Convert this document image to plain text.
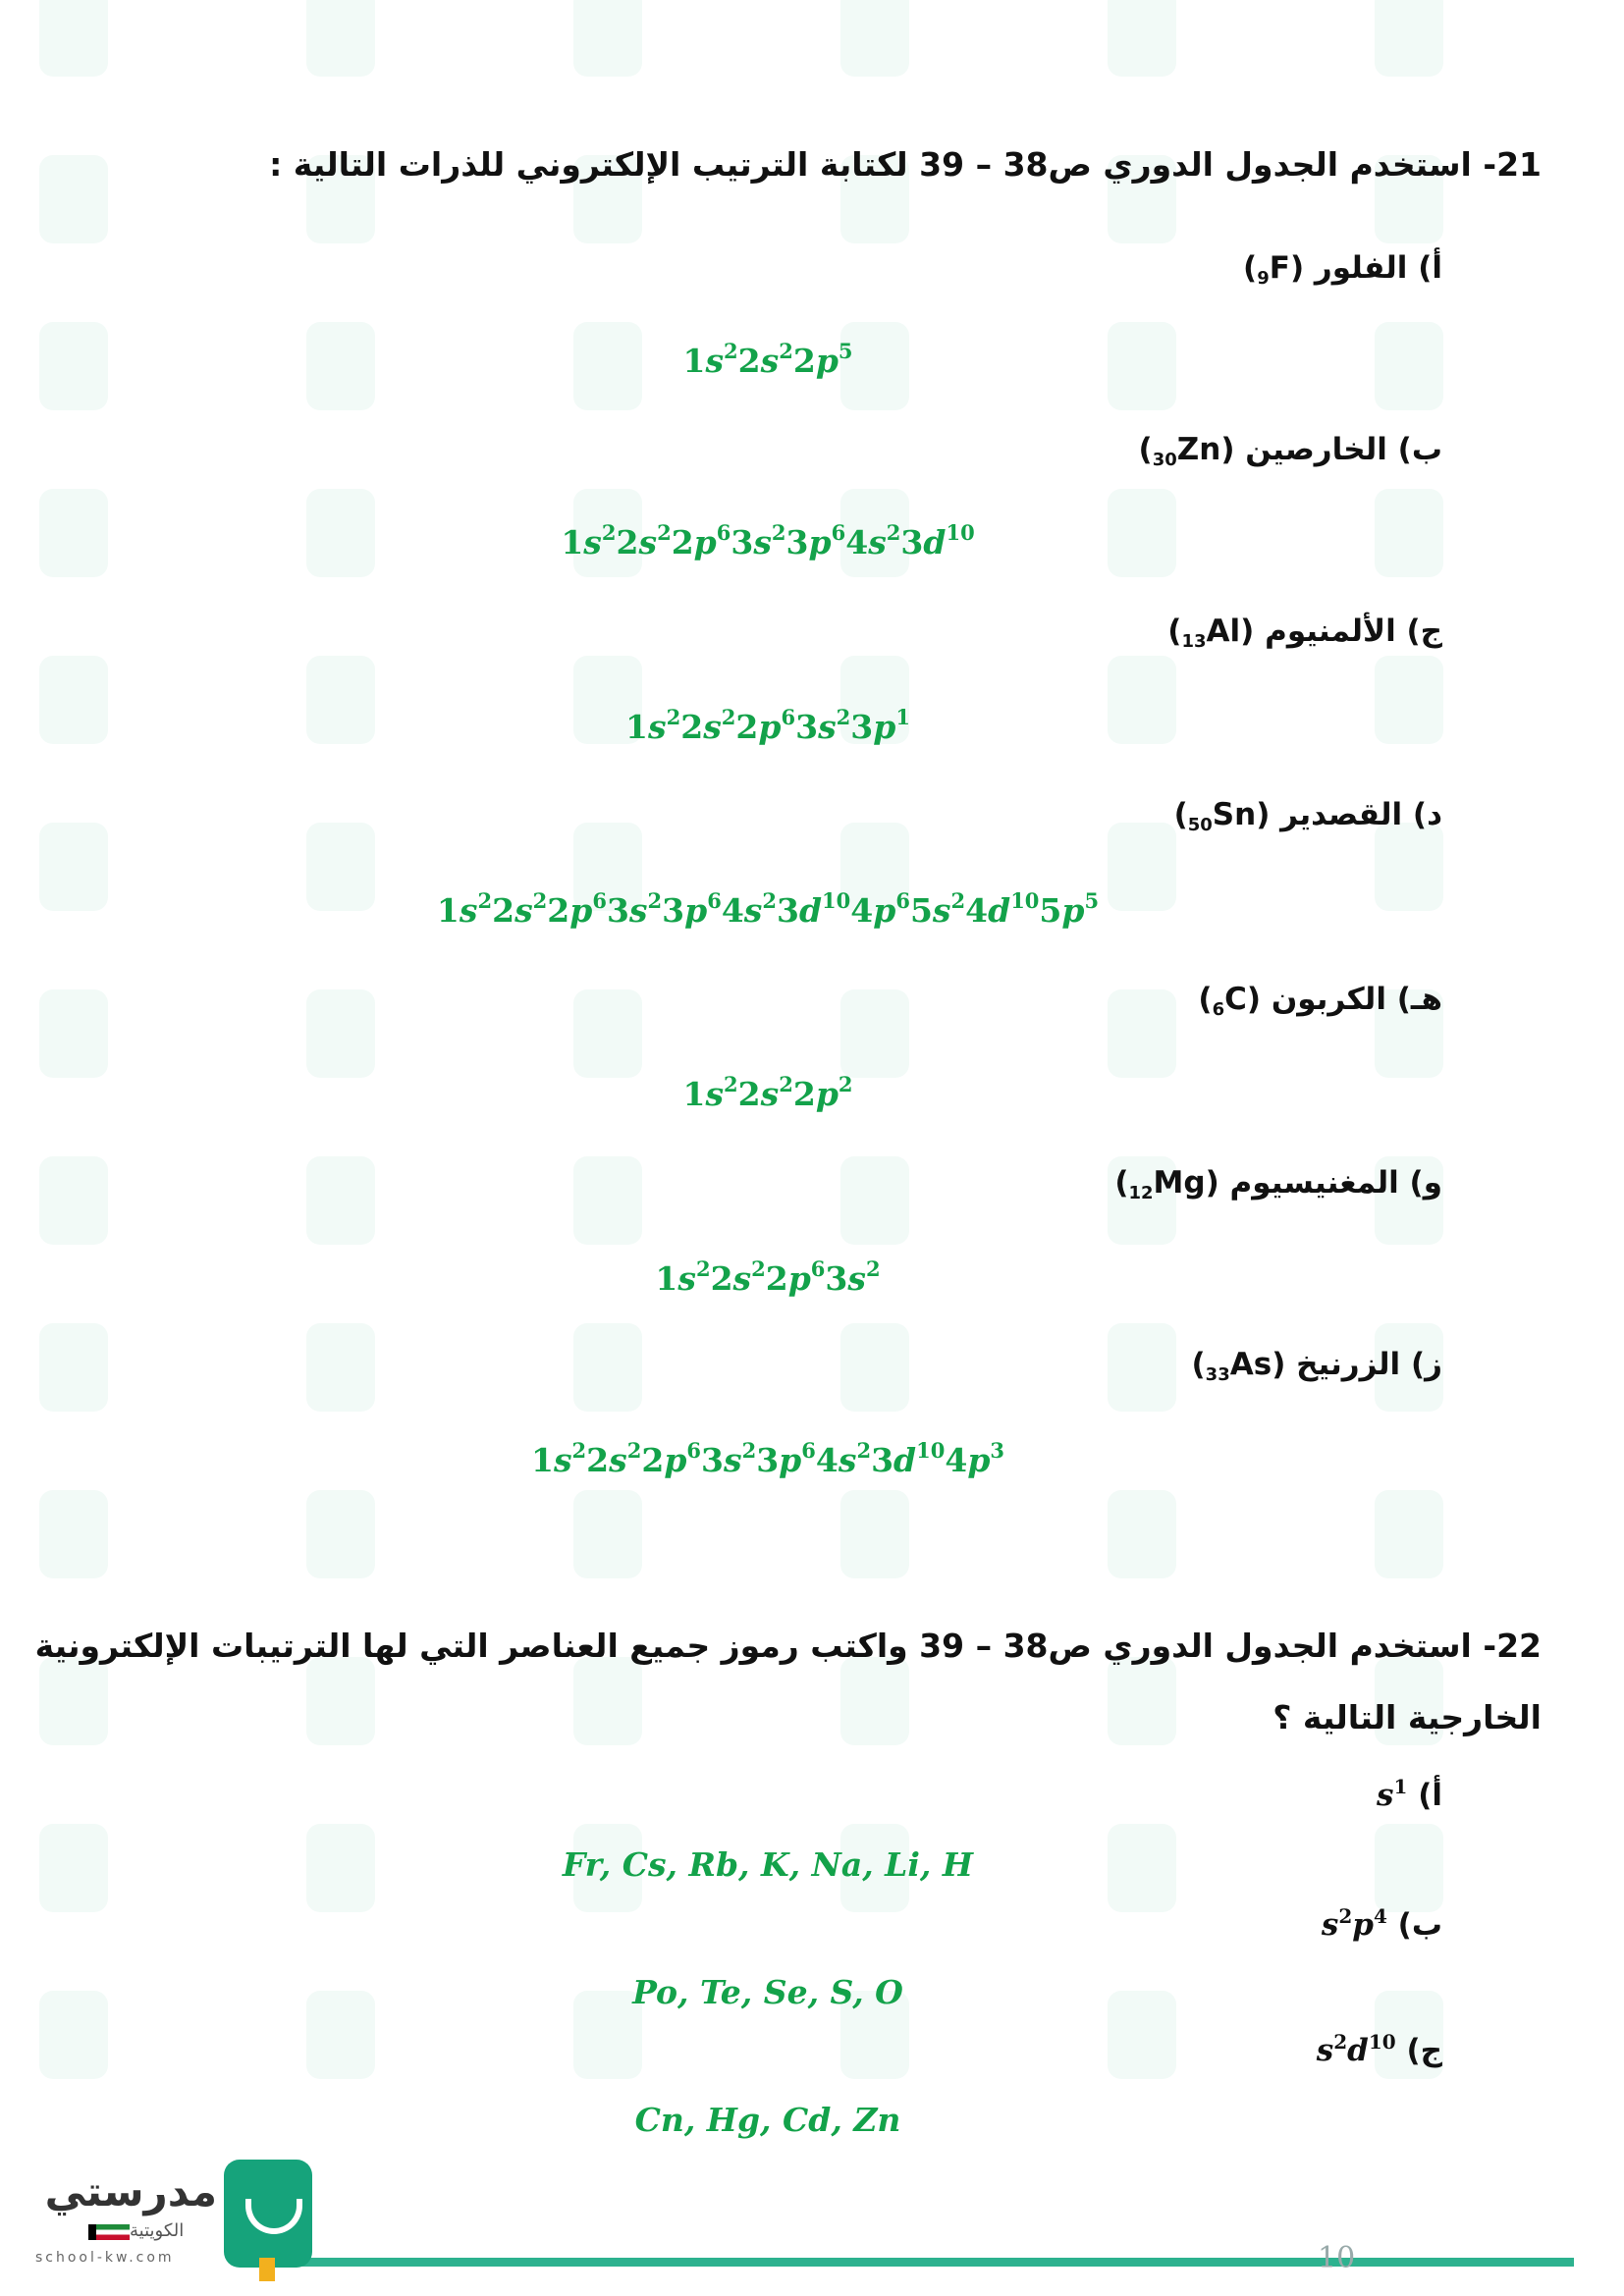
21- استخدم الجدول الدوري ص38 – 39 لكتابة الترتيب الإلكتروني للذرات التالية :
أ) الفلور $(_9F)$
$1s^22s^22p^5$
ب) الخارصين $(_{30}Zn)$
$1s^22s^22p^63s^23p^64s^23d^{10}$
ج) الألمنيوم $(_{13}Al)$
$1s^22s^22p^63s^23p^1$
د) القصدير $(_{50}Sn)$
$1s^22s^22p^63s^23p^64s^23d^{10}4p^65s^24d^{10}5p^5$
هـ) الكربون $(_6C)$
$1s^22s^22p^2$
و) المغنيسيوم $(_{12}Mg)$
$1s^22s^22p^63s^2$
ز) الزرنيخ $(_{33}As)$
$1s^22s^22p^63s^23p^64s^23d^{10}4p^3$
22- استخدم الجدول الدوري ص38 – 39 واكتب رموز جميع العناصر التي لها الترتيبات الإلكترونية
الخارجية التالية ؟
أ) $s^1$
Fr, Cs, Rb, K, Na, Li, H
ب) $s^2p^4$
Po, Te, Se, S, O
ج) $s^2d^{10}$
Cn, Hg, Cd, Zn
10
مدرستي
الكويتية
school-kw.com
